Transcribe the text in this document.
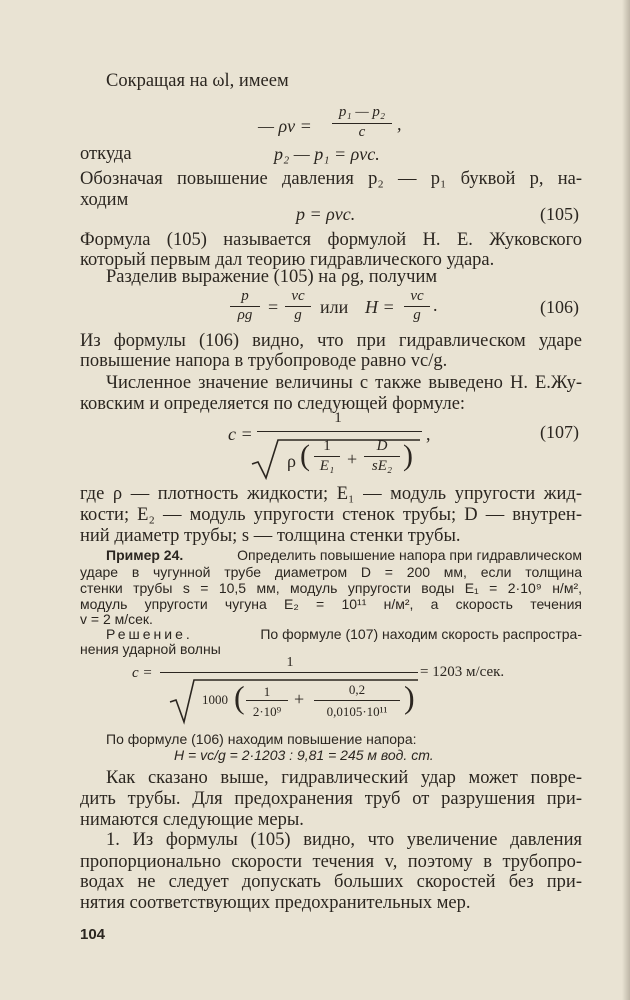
Сокращая на ωl, имеем
— ρv =
p₁ — p₂
c	,
откуда	p₂ — p₁ = ρvc.
Обозначая повышение давления p₂ — p₁ буквой p, на-
ходим
p = ρvc.	(105)
Формула (105) называется формулой Н. Е. Жуковского
который первым дал теорию гидравлического удара.
Разделив выражение (105) на ρg, получим
p
ρg =
vc
g	или H =
vc
g .	(106)
Из формулы (106) видно, что при гидравлическом ударе
повышение напора в трубопроводе равно vc/g.
Численное значение величины c также выведено Н. Е.Жу-
ковским и определяется по следующей формуле:
c =
1
ρ ( 1
E₁ +
D
sE₂ )
,	(107)
где ρ — плотность жидкости; E₁ — модуль упругости жид-
кости; E₂ — модуль упругости стенок трубы; D — внутрен-
ний диаметр трубы; s — толщина стенки трубы.
Пример 24.	Определить повышение напора при гидравлическом
ударе в чугунной трубе диаметром D = 200 мм, если толщина
стенки трубы s = 10,5 мм, модуль упругости воды E₁ = 2·10⁹ н/м²,
модуль упругости чугуна E₂ = 10¹¹ н/м², а скорость течения
v = 2 м/сек.
Решение.	По формуле (107) находим скорость распростра-
нения ударной волны
c =
1
= 1203 м/сек.
1000 (	1
2·10⁹
+	0,2
0,0105·10¹¹ )
По формуле (106) находим повышение напора:
H = vc/g = 2·1203 : 9,81 = 245 м вод. ст.
Как сказано выше, гидравлический удар может повре-
дить трубы. Для предохранения труб от разрушения при-
нимаются следующие меры.
1. Из формулы (105) видно, что увеличение давления
пропорционально скорости течения v, поэтому в трубопро-
водах не следует допускать больших скоростей без при-
нятия соответствующих предохранительных мер.
104
